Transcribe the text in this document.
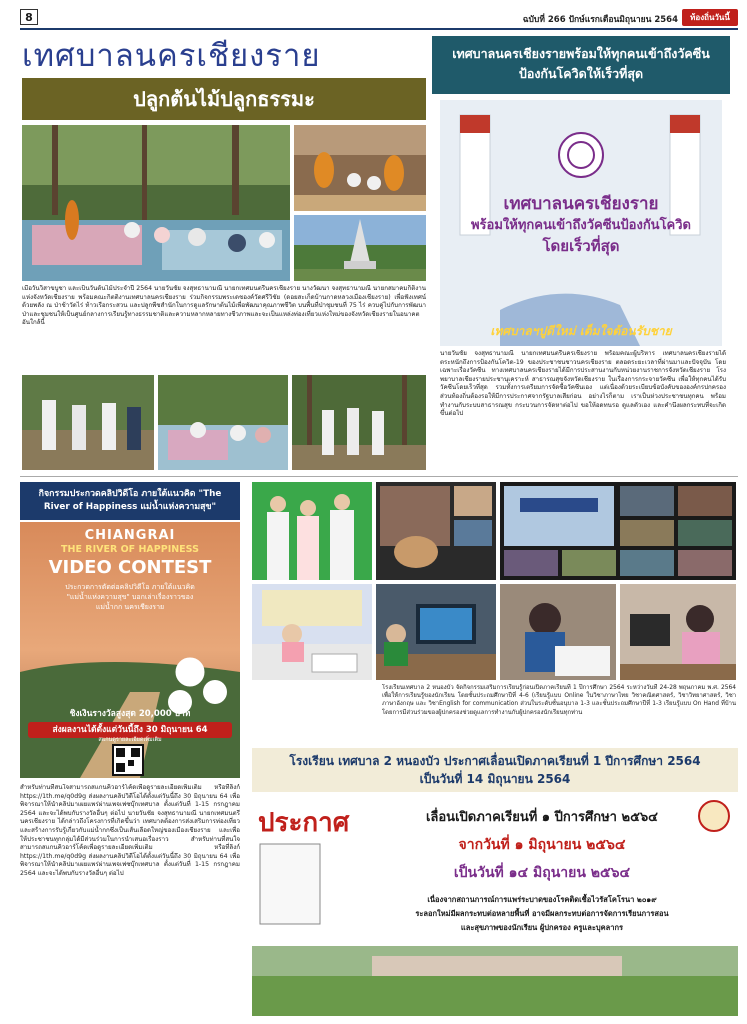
8	ฉบับที่ 266 ปักษ์แรกเดือนมิถุนายน 2564	ท้องถิ่นวันนี้
เทศบาลนครเชียงราย
ปลูกต้นไม้ปลูกธรรมะ
เมื่อวันวิสาขบูชา และเป็นวันต้นไม้ประจำปี 2564 นายวันชัย จงสุทธานามณี นายกเทศมนตรีนครเชียงราย นางวัฒนา จงสุทธานามณี นายกสมาคมกิติงานแห่งจังหวัดเชียงราย พร้อมคณะกิตติงานเทศบาลนครเชียงราย ร่วมกิจกรรมพระเดชองค์วัดศรีวิชัย (ดอยสะเก็ดบ้านกาดหลวงเมืองเชียงราย) เพื่อฟังเทศน์ด้วยพลัง ณ ป่าช้าวัดไร่ ท้าวเรือกระสวน และปลูกพืชสำนักในการดูแลรักษาต้นไม้เพื่อพัฒนาคุณภาพชีวิต บนพื้นที่ป่าชุมชนที่ 75 ไร่ ควบคู่ไปกับการพัฒนาป่าและชุมชนให้เป็นศูนย์กลางการเรียนรู้ทางธรรมชาติและความหลากหลายทางชีวภาพและจะเป็นแหล่งท่องเที่ยวแห่งใหม่ของจังหวัดเชียงรายในอนาคตอันใกล้นี้
เทศบาลนครเชียงรายพร้อมให้ทุกคนเข้าถึงวัคซีนป้องกันโควิดให้เร็วที่สุด
เทศบาลนครเชียงราย
พร้อมให้ทุกคนเข้าถึงวัคซีนป้องกันโควิด
โดยเร็วที่สุด
เทศบาลฯปูดีใหม่ เต็มใจต้อนรับชาย
นายวันชัย จงสุทธานามณี นายกเทศมนตรีนครเชียงราย พร้อมคณะผู้บริหาร เทศบาลนครเชียงรายได้ตระหนักถึงการป้องกันโควิด-19 ของประชาชนชาวนครเชียงราย ตลอดระยะเวลาที่ผ่านมาและปัจจุบัน โดยเฉพาะเรื่องวัคซีน ทางเทศบาลนครเชียงรายได้มีการประสานงานกับหน่วยงานราชการจังหวัดเชียงราย โรงพยาบาลเชียงรายประชานุเคราะห์ สาธารณสุขจังหวัดเชียงราย ในเรื่องการกระจายวัคซีน เพื่อให้ทุกคนได้รับวัคซีนโดยเร็วที่สุด รวมทั้งการเตรียมการจัดซื้อวัคซีนเอง แต่เนื่องด้วยระเบียบข้อบังคับขององค์กรปกครองส่วนท้องถิ่นต้องรอให้มีการประกาศจากรัฐบาลเสียก่อน อย่างไรก็ตาม เราเป็นห่วงประชาชนทุกคน พร้อมทำงานกับระบบสาธารณสุข กระบวนการจัดหาต่อไป ขอให้อดทนรอ ดูแลตัวเอง และคำนึงผลกระทบที่จะเกิดขึ้นต่อไป
กิจกรรมประกวดคลิปวิดีโอ ภายใต้แนวคิด "The River of Happiness แม่น้ำแห่งความสุข"
CHIANGRAI
THE RIVER OF HAPPINESS
VIDEO CONTEST
ประกวดการตัดต่อคลิปวิดีโอ ภายใต้แนวคิด "แม่น้ำแห่งความสุข" บอกเล่าเรื่องราวของแม่น้ำกก นครเชียงราย
ชิงเงินรางวัลสูงสุด 20,000 บาท
ส่งผลงานได้ตั้งแต่วันนี้ถึง 30 มิถุนายน 64
สแกนดูรายละเอียดเพิ่มเติม
สำหรับท่านที่สนใจสามารถสแกนคิวอาร์โค้ดเพื่อดูรายละเอียดเพิ่มเติม หรือที่ลิงก์ https://1th.me/q0d9g ส่งผลงานคลิปวิดีโอได้ตั้งแต่วันนี้ถึง 30 มิถุนายน 64 เพื่อพิจารณาให้นำคลิปมาเผยแพร่ผ่านเพจเฟซบุ๊กเทศบาล ตั้งแต่วันที่ 1-15 กรกฎาคม 2564 และจะได้พบกับรางวัลอื่นๆ ต่อไป นายวันชัย จงสุทธานามณี นายกเทศมนตรีนครเชียงราย ได้กล่าวถึงโครงการที่เกิดขึ้นว่า เทศบาลต้องการส่งเสริมการท่องเที่ยวและสร้างการรับรู้เกี่ยวกับแม่น้ำกกซึ่งเป็นเส้นเลือดใหญ่ของเมืองเชียงราย และเพื่อให้ประชาชนทุกกลุ่มได้มีส่วนร่วมในการนำเสนอเรื่องราว สำหรับท่านที่สนใจสามารถสแกนคิวอาร์โค้ดเพื่อดูรายละเอียดเพิ่มเติม หรือที่ลิงก์ https://1th.me/q0d9g ส่งผลงานคลิปวิดีโอได้ตั้งแต่วันนี้ถึง 30 มิถุนายน 64 เพื่อพิจารณาให้นำคลิปมาเผยแพร่ผ่านเพจเฟซบุ๊กเทศบาล ตั้งแต่วันที่ 1-15 กรกฎาคม 2564 และจะได้พบกับรางวัลอื่นๆ ต่อไป
โรงเรียนเทศบาล 2 หนองบัว จัดกิจกรรมเสริมการเรียนรู้ก่อนเปิดภาคเรียนที่ 1 ปีการศึกษา 2564 ระหว่างวันที่ 24-28 พฤษภาคม พ.ศ. 2564 เพื่อให้การเรียนรู้ของนักเรียน โดยชั้นประถมศึกษาปีที่ 4-6 (เรียนรู้แบบ Online ในวิชาภาษาไทย วิชาคณิตศาสตร์, วิชาวิทยาศาสตร์, วิชาภาษาอังกฤษ และ วิชาEnglish for communication ส่วนในระดับชั้นอนุบาล 1-3 และชั้นประถมศึกษาปีที่ 1-3 เรียนรู้แบบ On Hand ที่บ้าน โดยการมีส่วนร่วมของผู้ปกครองช่วยดูแลการทำงานกับผู้ปกครองนักเรียนทุกท่าน
โรงเรียน เทศบาล 2 หนองบัว ประกาศเลื่อนเปิดภาคเรียนที่ 1 ปีการศึกษา 2564 เป็นวันที่ 14 มิถุนายน 2564
ประกาศ	เลื่อนเปิดภาคเรียนที่ ๑ ปีการศึกษา ๒๕๖๔
จากวันที่ ๑ มิถุนายน ๒๕๖๔
เป็นวันที่ ๑๔ มิถุนายน ๒๕๖๔
เนื่องจากสถานการณ์การแพร่ระบาดของโรคติดเชื้อไวรัสโคโรนา ๒๐๑๙
ระลอกใหม่มีผลกระทบต่อหลายพื้นที่ อาจมีผลกระทบต่อการจัดการเรียนการสอน
และสุขภาพของนักเรียน ผู้ปกครอง ครูและบุคลากร
